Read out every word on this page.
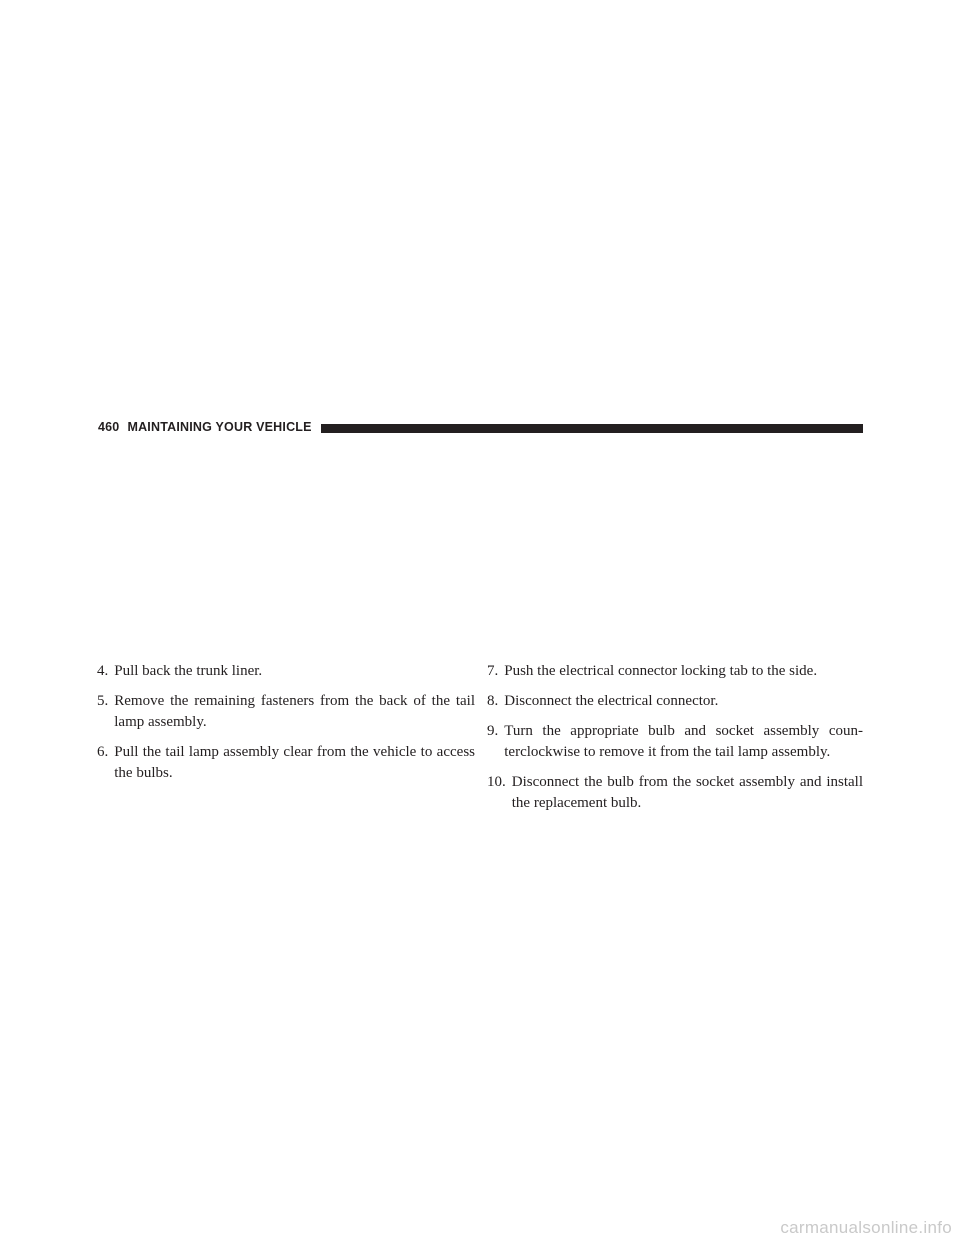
460 MAINTAINING YOUR VEHICLE
4. Pull back the trunk liner.
5. Remove the remaining fasteners from the back of the tail lamp assembly.
6. Pull the tail lamp assembly clear from the vehicle to access the bulbs.
7. Push the electrical connector locking tab to the side.
8. Disconnect the electrical connector.
9. Turn the appropriate bulb and socket assembly coun-terclockwise to remove it from the tail lamp assembly.
10. Disconnect the bulb from the socket assembly and install the replacement bulb.
carmanualsonline.info
